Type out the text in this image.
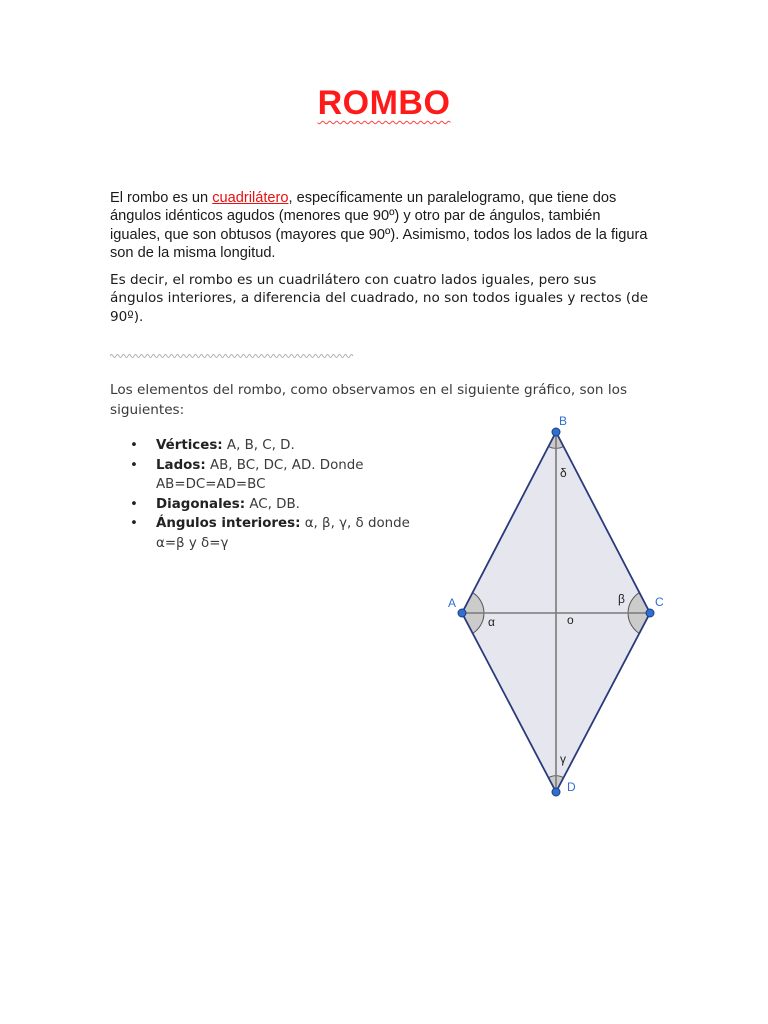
ROMBO

El rombo es un cuadrilátero, específicamente un paralelogramo, que tiene dos ángulos idénticos agudos (menores que 90º) y otro par de ángulos, también iguales, que son obtusos (mayores que 90º). Asimismo, todos los lados de la figura son de la misma longitud.

Es decir, el rombo es un cuadrilátero con cuatro lados iguales, pero sus ángulos interiores, a diferencia del cuadrado, no son todos iguales y rectos (de 90º).

Los elementos del rombo, como observamos en el siguiente gráfico, son los siguientes:

• Vértices: A, B, C, D.
• Lados: AB, BC, DC, AD. Donde AB=DC=AD=BC
• Diagonales: AC, DB.
• Ángulos interiores: α, β, γ, δ donde α=β y δ=γ
B
C
D
A
o
δ
γ
α
β
